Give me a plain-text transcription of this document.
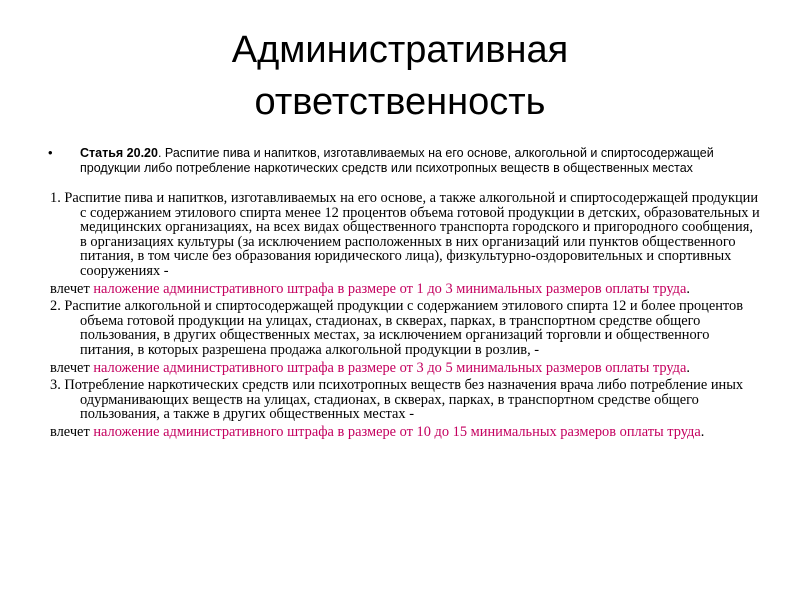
Административная
ответственность
• Статья 20.20. Распитие пива и напитков, изготавливаемых на его основе, алкогольной и спиртосодержащей продукции либо потребление наркотических средств или психотропных веществ в общественных местах

1. Распитие пива и напитков, изготавливаемых на его основе, а также алкогольной и спиртосодержащей продукции с содержанием этилового спирта менее 12 процентов объема готовой продукции в детских, образовательных и медицинских организациях, на всех видах общественного транспорта городского и пригородного сообщения, в организациях культуры (за исключением расположенных в них организаций или пунктов общественного питания, в том числе без образования юридического лица), физкультурно-оздоровительных и спортивных сооружениях -

влечет наложение административного штрафа в размере от 1 до 3 минимальных размеров оплаты труда.

2. Распитие алкогольной и спиртосодержащей продукции с содержанием этилового спирта 12 и более процентов объема готовой продукции на улицах, стадионах, в скверах, парках, в транспортном средстве общего пользования, в других общественных местах, за исключением организаций торговли и общественного питания, в которых разрешена продажа алкогольной продукции в розлив, -

влечет наложение административного штрафа в размере от 3 до 5 минимальных размеров оплаты труда.

3. Потребление наркотических средств или психотропных веществ без назначения врача либо потребление иных одурманивающих веществ на улицах, стадионах, в скверах, парках, в транспортном средстве общего пользования, а также в других общественных местах -

влечет наложение административного штрафа в размере от 10 до 15 минимальных размеров оплаты труда.
